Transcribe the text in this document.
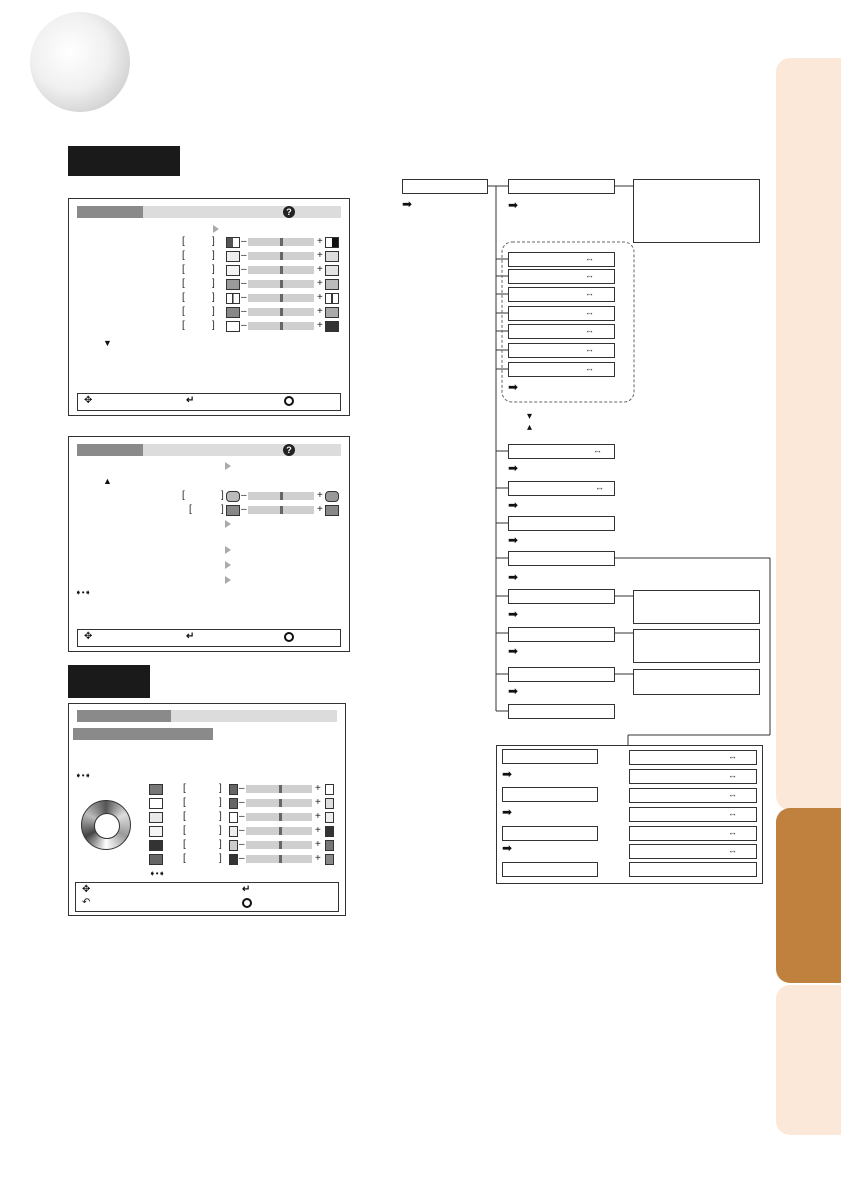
?
[	]	–	+
[	]	–	+
[	]	–	+
[	]	–	+
[	]	–	+
[	]	–	+
[	]	–	+
▼
✥	↵
?
▲
[	] –	+
[	] –	+
➧•➧
✥	↵
➧•➧
[	] –	+
[	] –	+
[	] –	+
[	] –	+
[	] –	+
[	] –	+
➧•➧
✥
↶
↵
➡	➡
↔
↔
↔
↔
↔
↔
↔
➡
▾
▴
↔
➡
↔
➡
➡
➡
➡
➡
➡
➡
➡
➡
↔
↔
↔
↔
↔
↔
